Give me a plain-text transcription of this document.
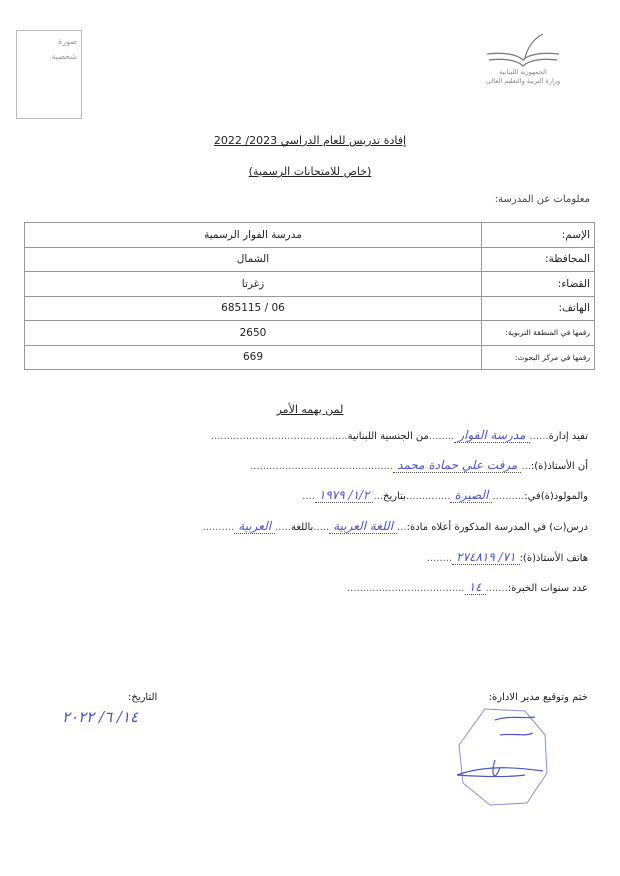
صورة
شخصية
الجمهورية اللبنانية
وزارة التربية والتعليم العالي
إفادة تدريس للعام الدراسي 2023/ 2022
(خاص للامتحانات الرسمية)
معلومات عن المدرسة:
الإسم:	مدرسة الفوار الرسمية
المحافظة:	الشمال
القضاء:	زغرتا
الهاتف:	06 / 685115
رقمها في المنطقة التربوية:	2650
رقمها في مركز البحوث:	669
لمن يهمه الأمر
تفيد إدارة
......
مدرسة الفوار
........
من الجنسية اللبنانية
...........................................
أن الأستاذ(ة):
...
مرفت علي حمادة محمد
.............................................
والمولود(ة)في:
..........
الصيرة
..............
بتاريخ
...
١/٢/ ١٩٧٩
....
درس(ت) في المدرسة المذكورة أعلاه مادة:
...
اللغة العربية
.....
باللغة
.....
العربية
..........
هاتف الأستاذ(ة):
٧١/ ٢٧٤٨١٩
........
عدد سنوات الخبرة:
.......
١٤
.....................................
ختم وتوقيع مدير الادارة:
التاريخ:
١٤/ ٦/ ٢٠٢٢
